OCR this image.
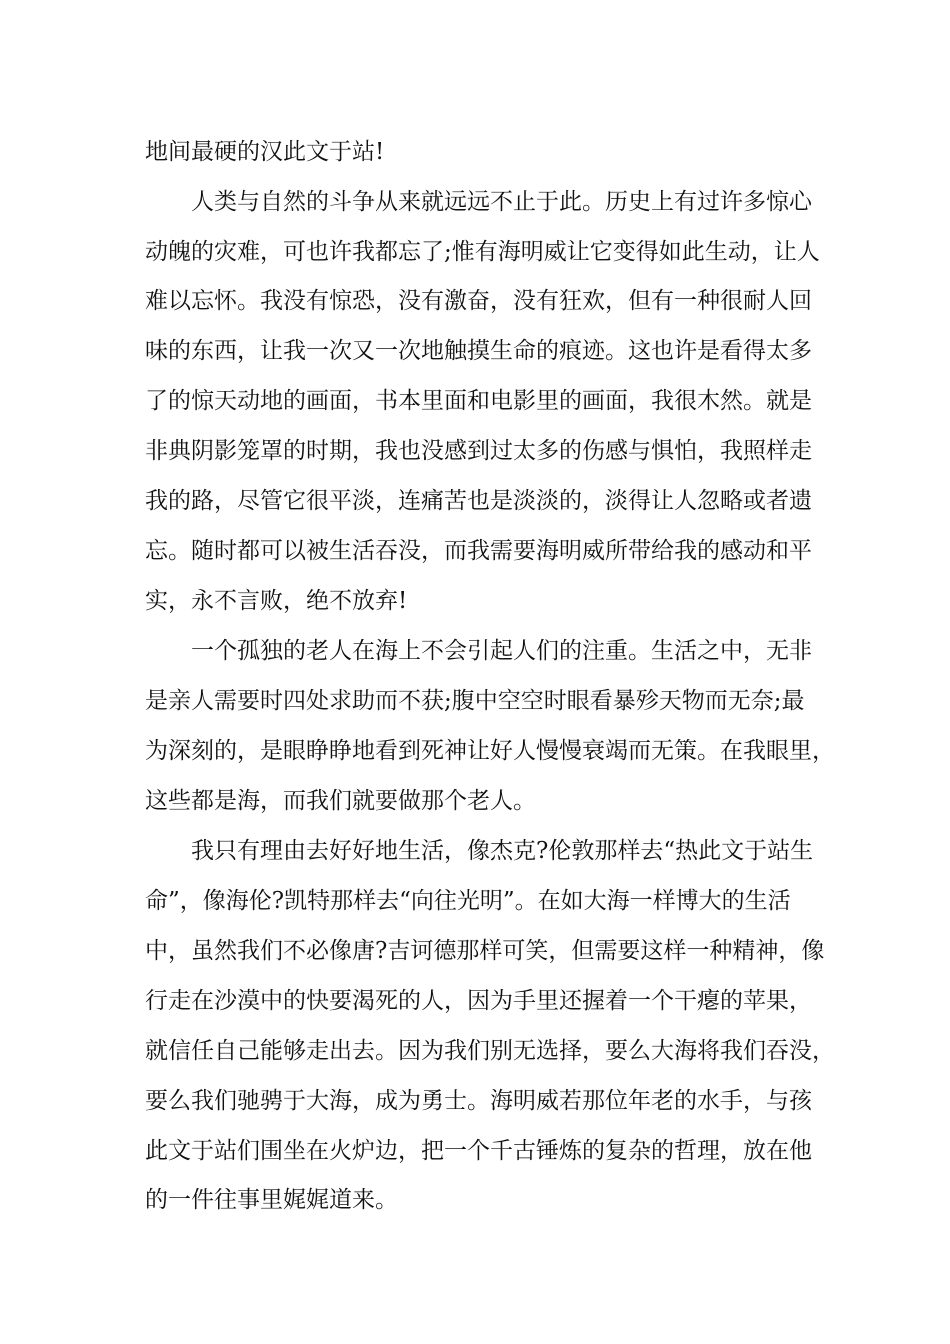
地间最硬的汉此文于站!
人类与自然的斗争从来就远远不止于此。历史上有过许多惊心
动魄的灾难，可也许我都忘了;惟有海明威让它变得如此生动，让人
难以忘怀。我没有惊恐，没有激奋，没有狂欢，但有一种很耐人回
味的东西，让我一次又一次地触摸生命的痕迹。这也许是看得太多
了的惊天动地的画面，书本里面和电影里的画面，我很木然。就是
非典阴影笼罩的时期，我也没感到过太多的伤感与惧怕，我照样走
我的路，尽管它很平淡，连痛苦也是淡淡的，淡得让人忽略或者遗
忘。随时都可以被生活吞没，而我需要海明威所带给我的感动和平
实，永不言败，绝不放弃!
一个孤独的老人在海上不会引起人们的注重。生活之中，无非
是亲人需要时四处求助而不获;腹中空空时眼看暴殄天物而无奈;最
为深刻的，是眼睁睁地看到死神让好人慢慢衰竭而无策。在我眼里，
这些都是海，而我们就要做那个老人。
我只有理由去好好地生活，像杰克?伦敦那样去“热此文于站生
命”，像海伦?凯特那样去“向往光明”。在如大海一样博大的生活
中，虽然我们不必像唐?吉诃德那样可笑，但需要这样一种精神，像
行走在沙漠中的快要渴死的人，因为手里还握着一个干瘪的苹果，
就信任自己能够走出去。因为我们别无选择，要么大海将我们吞没，
要么我们驰骋于大海，成为勇士。海明威若那位年老的水手，与孩
此文于站们围坐在火炉边，把一个千古锤炼的复杂的哲理，放在他
的一件往事里娓娓道来。
